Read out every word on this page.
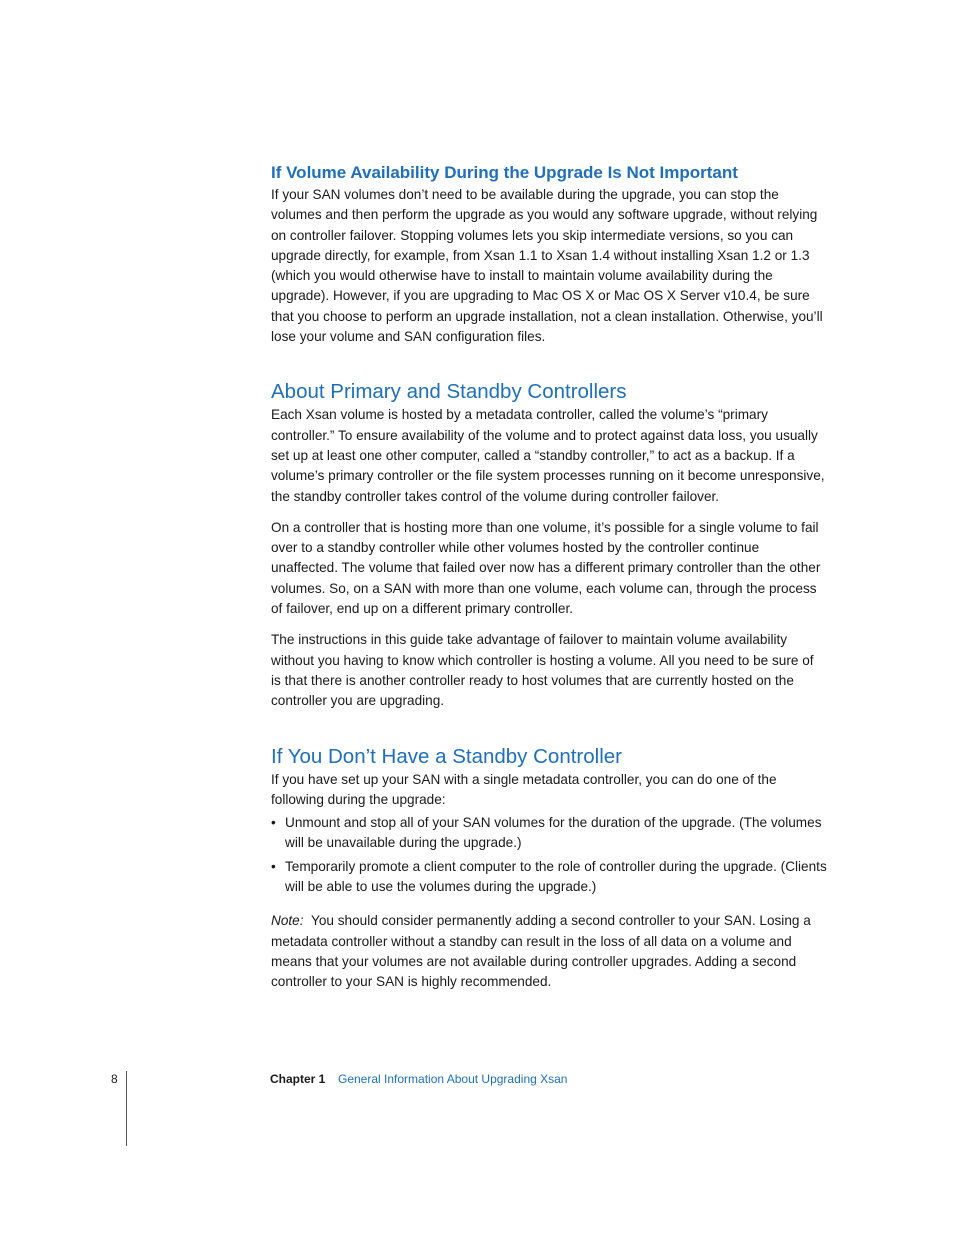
If Volume Availability During the Upgrade Is Not Important

If your SAN volumes don’t need to be available during the upgrade, you can stop the volumes and then perform the upgrade as you would any software upgrade, without relying on controller failover. Stopping volumes lets you skip intermediate versions, so you can upgrade directly, for example, from Xsan 1.1 to Xsan 1.4 without installing Xsan 1.2 or 1.3 (which you would otherwise have to install to maintain volume availability during the upgrade). However, if you are upgrading to Mac OS X or Mac OS X Server v10.4, be sure that you choose to perform an upgrade installation, not a clean installation. Otherwise, you’ll lose your volume and SAN configuration files.

About Primary and Standby Controllers

Each Xsan volume is hosted by a metadata controller, called the volume’s “primary controller.” To ensure availability of the volume and to protect against data loss, you usually set up at least one other computer, called a “standby controller,” to act as a backup. If a volume’s primary controller or the file system processes running on it become unresponsive, the standby controller takes control of the volume during controller failover.

On a controller that is hosting more than one volume, it’s possible for a single volume to fail over to a standby controller while other volumes hosted by the controller continue unaffected. The volume that failed over now has a different primary controller than the other volumes. So, on a SAN with more than one volume, each volume can, through the process of failover, end up on a different primary controller.

The instructions in this guide take advantage of failover to maintain volume availability without you having to know which controller is hosting a volume. All you need to be sure of is that there is another controller ready to host volumes that are currently hosted on the controller you are upgrading.

If You Don’t Have a Standby Controller

If you have set up your SAN with a single metadata controller, you can do one of the following during the upgrade:

• Unmount and stop all of your SAN volumes for the duration of the upgrade. (The volumes will be unavailable during the upgrade.)
• Temporarily promote a client computer to the role of controller during the upgrade. (Clients will be able to use the volumes during the upgrade.)

Note: You should consider permanently adding a second controller to your SAN. Losing a metadata controller without a standby can result in the loss of all data on a volume and means that your volumes are not available during controller upgrades. Adding a second controller to your SAN is highly recommended.

8	Chapter 1 General Information About Upgrading Xsan
